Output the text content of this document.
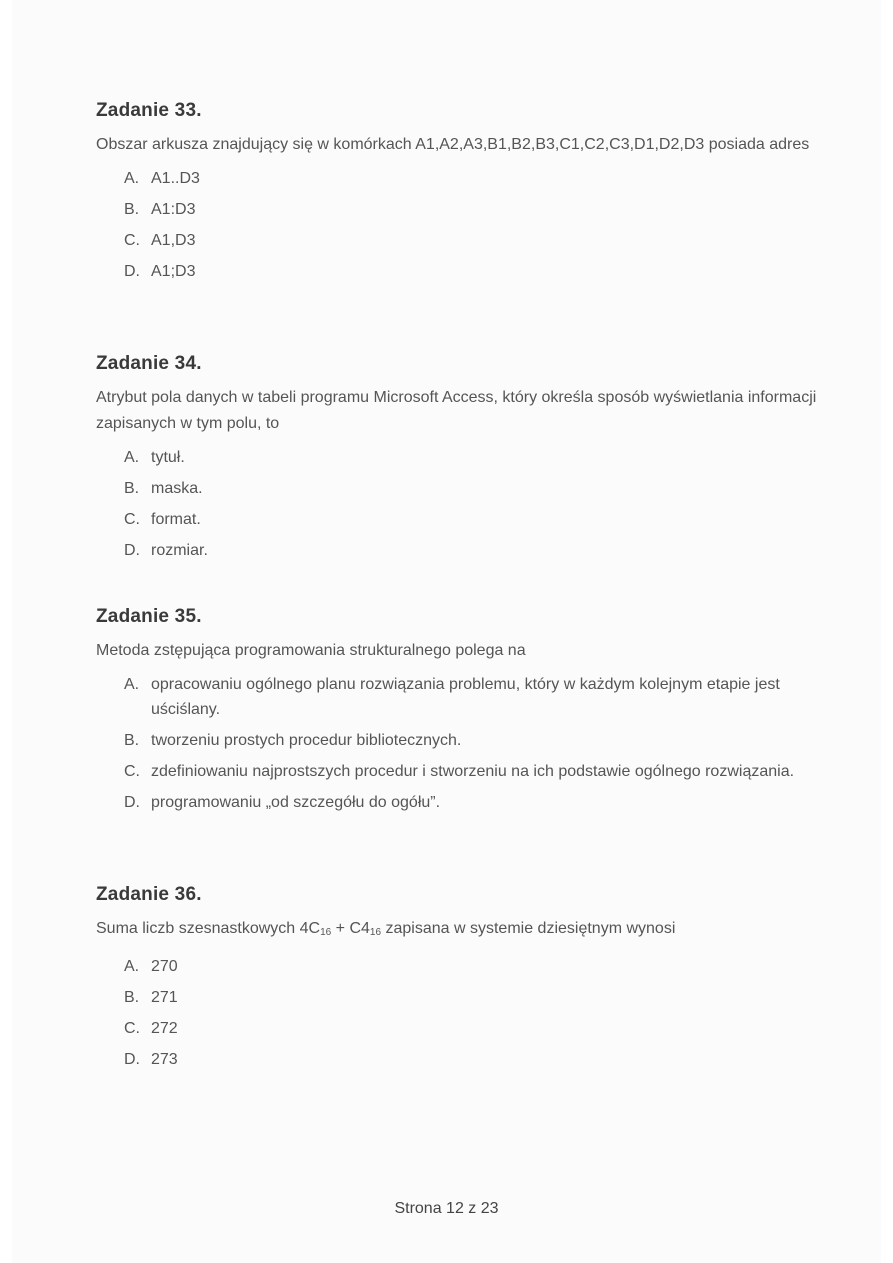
Zadanie 33.

Obszar arkusza znajdujący się w komórkach A1,A2,A3,B1,B2,B3,C1,C2,C3,D1,D2,D3 posiada adres

A. A1..D3
B. A1:D3
C. A1,D3
D. A1;D3
Zadanie 34.

Atrybut pola danych w tabeli programu Microsoft Access, który określa sposób wyświetlania informacji zapisanych w tym polu, to

A. tytuł.
B. maska.
C. format.
D. rozmiar.
Zadanie 35.

Metoda zstępująca programowania strukturalnego polega na

A. opracowaniu ogólnego planu rozwiązania problemu, który w każdym kolejnym etapie jest uściślany.
B. tworzeniu prostych procedur bibliotecznych.
C. zdefiniowaniu najprostszych procedur i stworzeniu na ich podstawie ogólnego rozwiązania.
D. programowaniu „od szczegółu do ogółu”.
Zadanie 36.

Suma liczb szesnastkowych $4C_{16} + C4_{16}$ zapisana w systemie dziesiętnym wynosi

A. 270
B. 271
C. 272
D. 273
Strona 12 z 23
